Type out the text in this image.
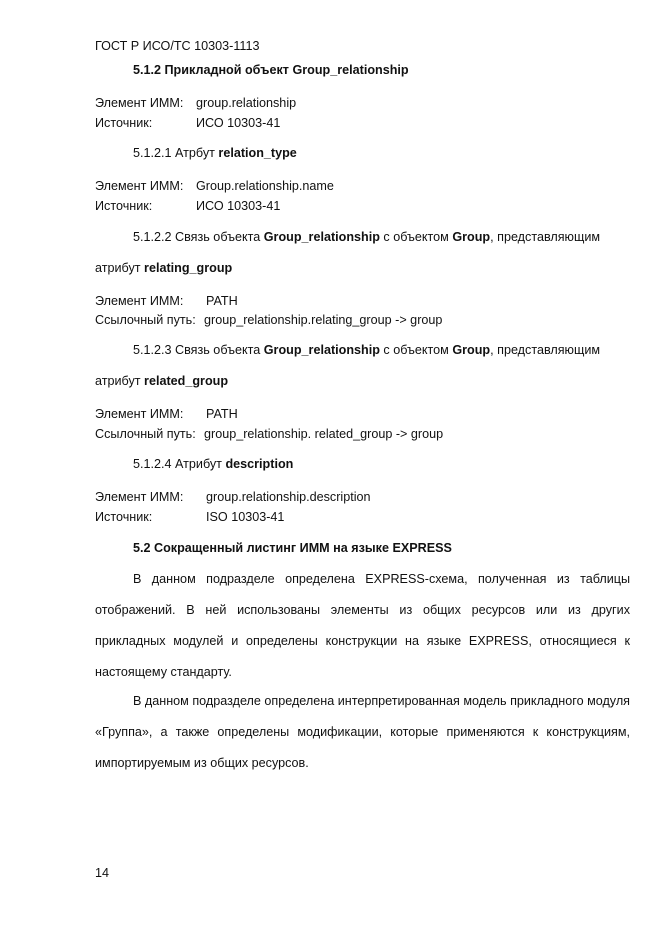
ГОСТ Р ИСО/ТС 10303-1113
5.1.2 Прикладной объект Group_relationship
Элемент ИММ: group.relationship
Источник:	ИСО 10303-41
5.1.2.1 Атрбут relation_type
Элемент ИММ: Group.relationship.name
Источник:	ИСО 10303-41
5.1.2.2 Связь объекта Group_relationship с объектом Group, представляющим
атрибут relating_group
Элемент ИММ: PATH
Ссылочный путь: group_relationship.relating_group -> group
5.1.2.3 Связь объекта Group_relationship с объектом Group, представляющим
атрибут related_group
Элемент ИММ: PATH
Ссылочный путь: group_relationship. related_group -> group
5.1.2.4 Атрибут description
Элемент ИММ: group.relationship.description
Источник:	ISO 10303-41
5.2 Сокращенный листинг ИММ на языке EXPRESS
В данном подразделе определена EXPRESS-схема, полученная из таблицы отображений. В ней использованы элементы из общих ресурсов или из других прикладных модулей и определены конструкции на языке EXPRESS, относящиеся к настоящему стандарту.
В данном подразделе определена интерпретированная модель прикладного модуля «Группа», а также определены модификации, которые применяются к конструкциям, импортируемым из общих ресурсов.
14
